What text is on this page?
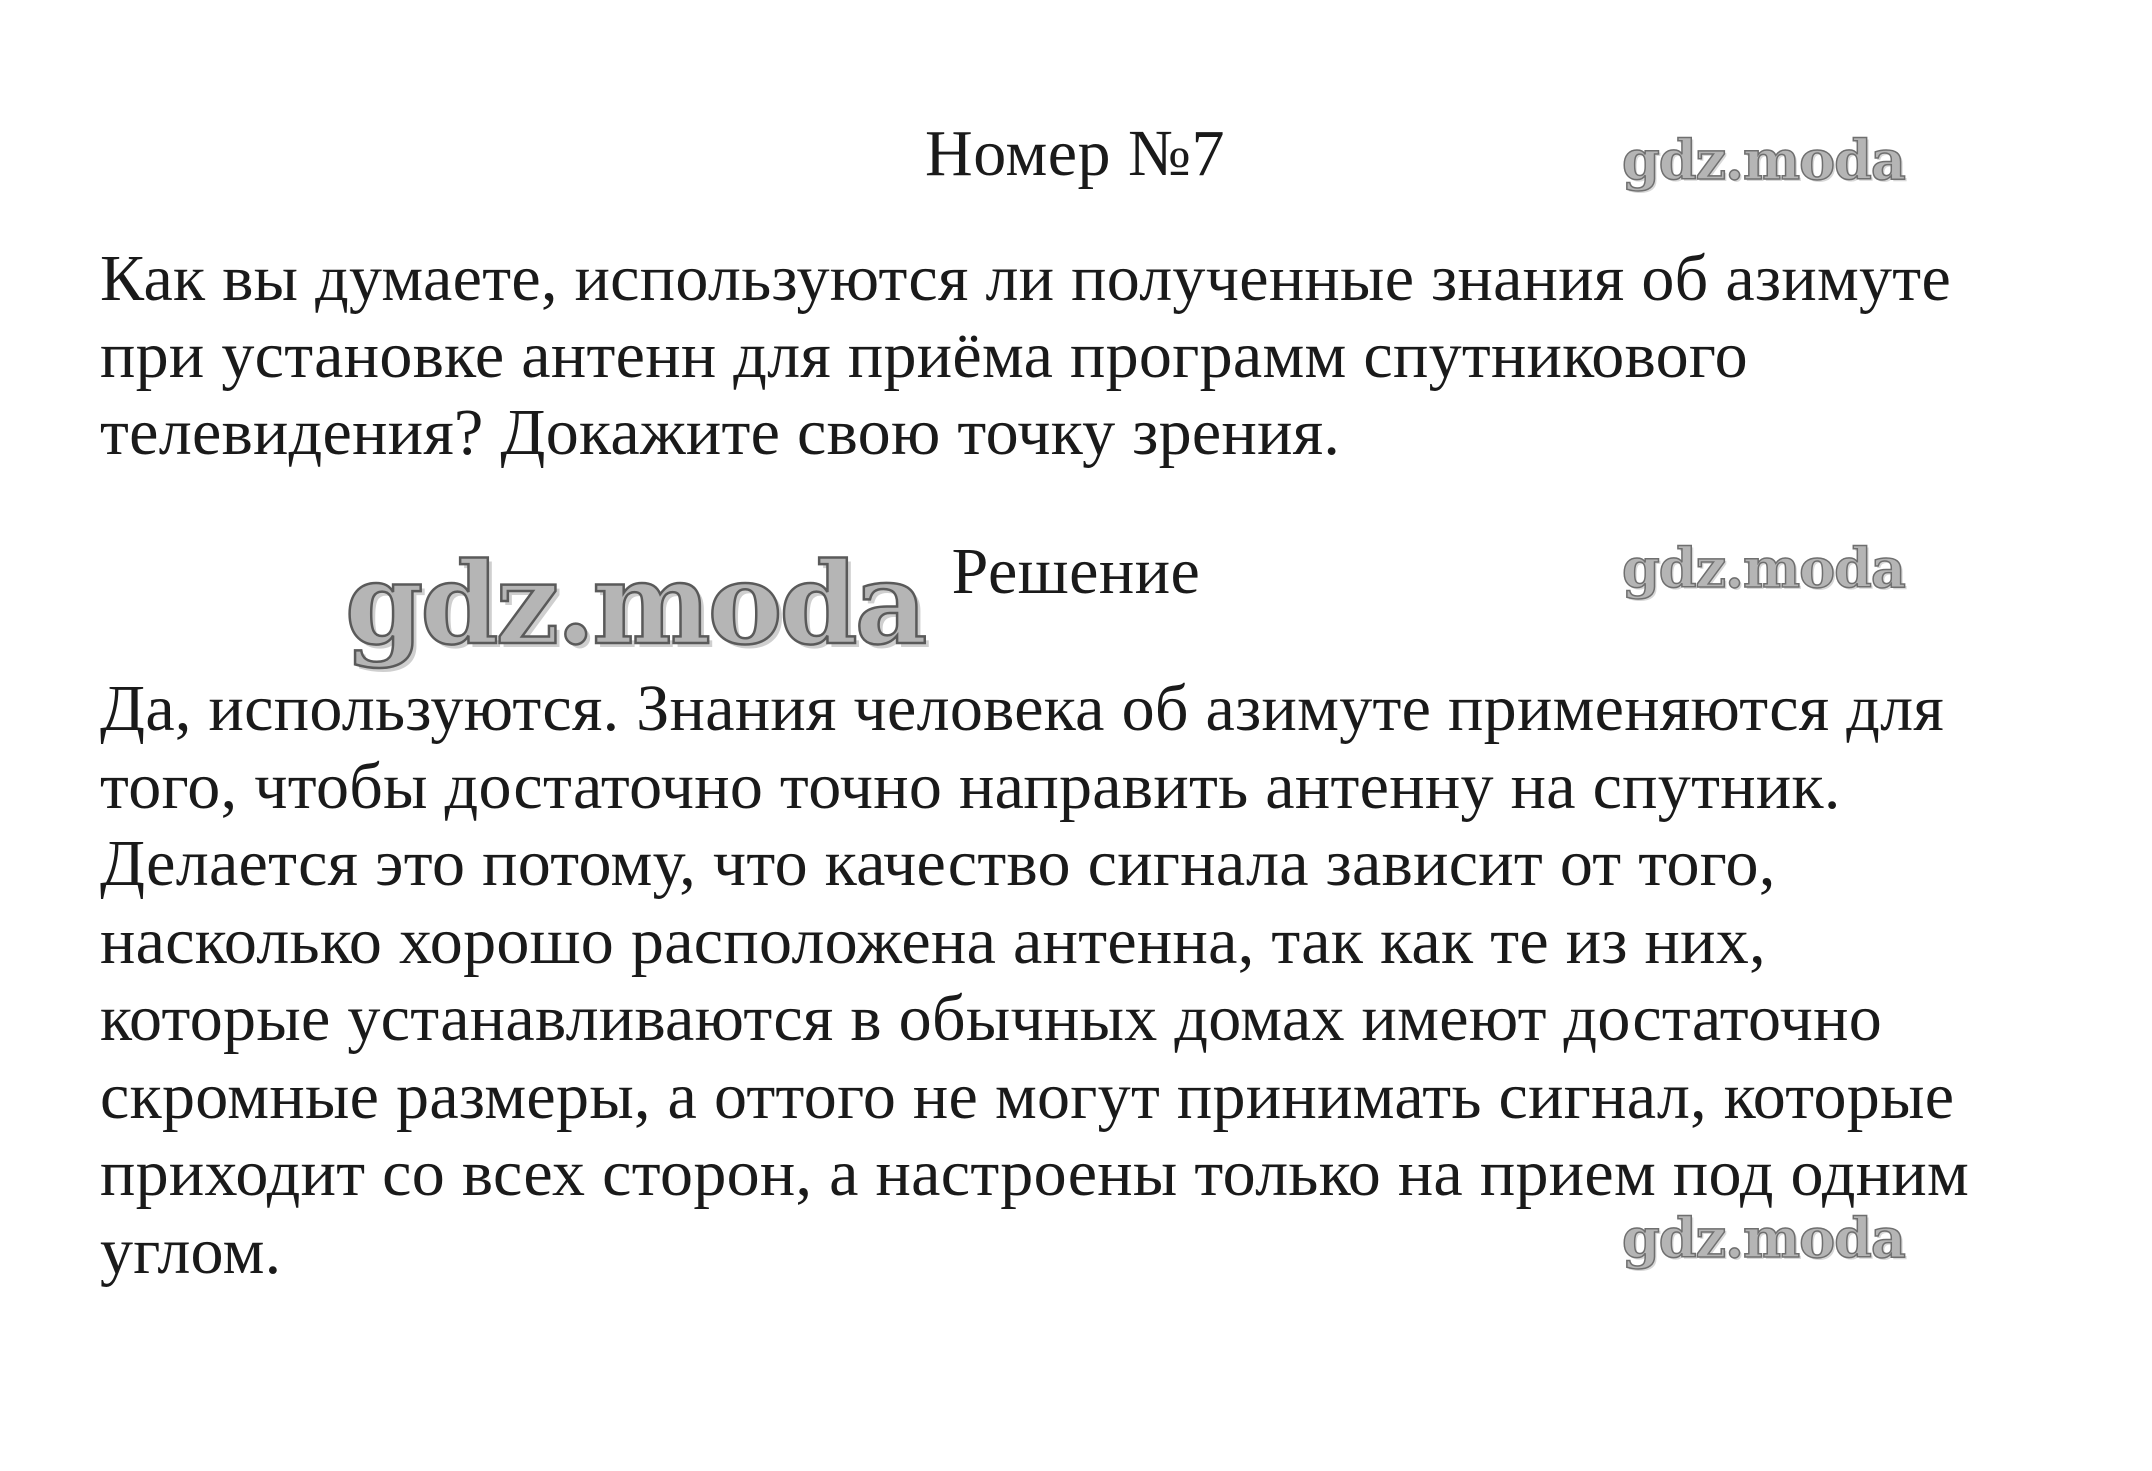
Номер №7	gdz.moda
Как вы думаете, используются ли полученные знания об азимуте
при установке антенн для приёма программ спутникового
телевидения? Докажите свою точку зрения.
gdz.moda Решение	gdz.moda
Да, используются. Знания человека об азимуте применяются для
того, чтобы достаточно точно направить антенну на спутник.
Делается это потому, что качество сигнала зависит от того,
насколько хорошо расположена антенна, так как те из них,
которые устанавливаются в обычных домах имеют достаточно
скромные размеры, а оттого не могут принимать сигнал, которые
приходит со всех сторон, а настроены только на прием под одним
углом.	gdz.moda
